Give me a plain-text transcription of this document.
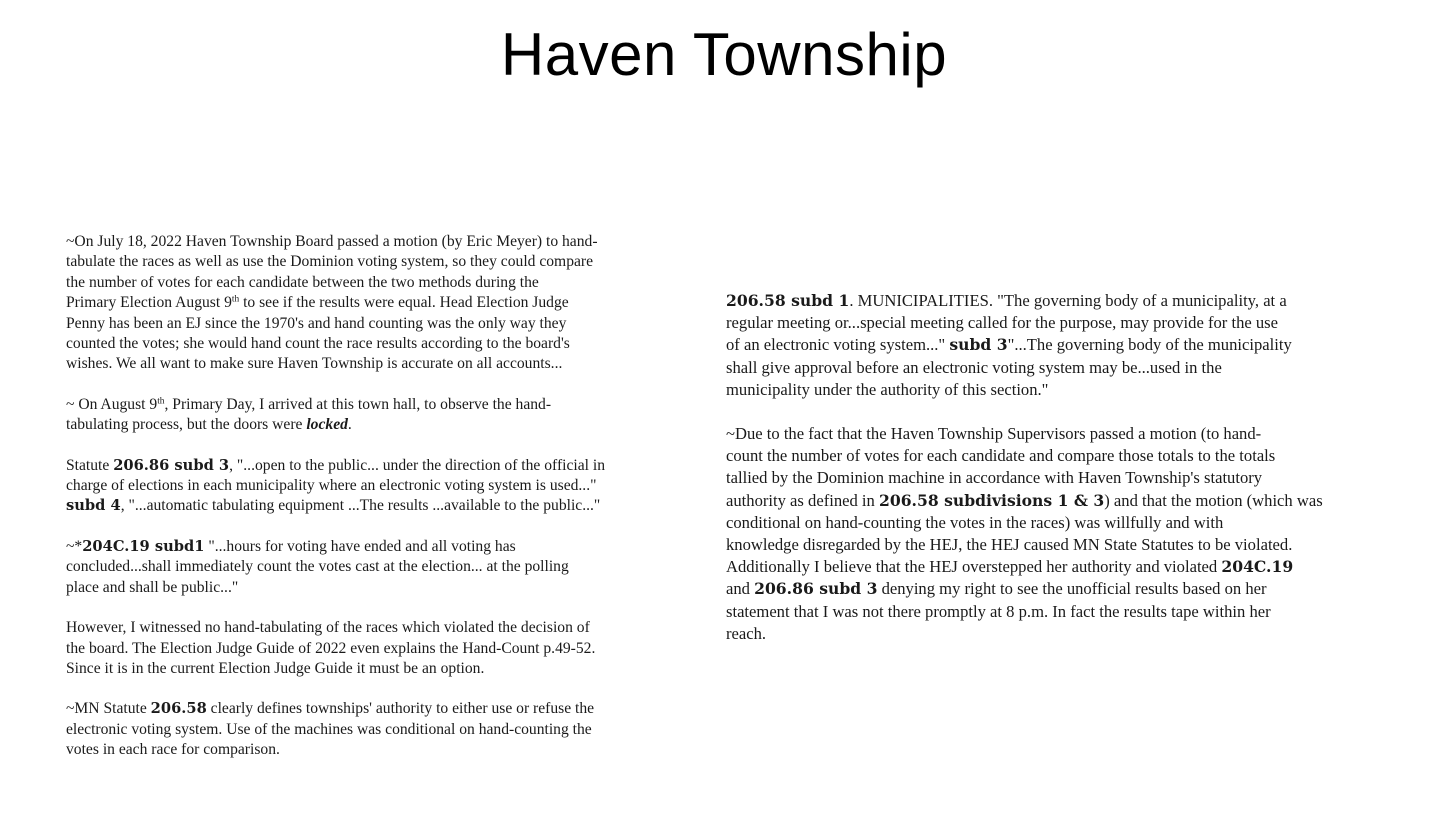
Haven Township
~On July 18, 2022 Haven Township Board passed a motion (by Eric Meyer) to hand-
tabulate the races as well as use the Dominion voting system, so they could compare
the number of votes for each candidate between the two methods during the
Primary Election August 9th to see if the results were equal. Head Election Judge
Penny has been an EJ since the 1970's and hand counting was the only way they
counted the votes; she would hand count the race results according to the board's
wishes. We all want to make sure Haven Township is accurate on all accounts...
~ On August 9th, Primary Day, I arrived at this town hall, to observe the hand-
tabulating process, but the doors were locked.
Statute 206.86 subd 3, "...open to the public... under the direction of the official in
charge of elections in each municipality where an electronic voting system is used..."
subd 4, "...automatic tabulating equipment ...The results ...available to the public..."
~*204C.19 subd1 "...hours for voting have ended and all voting has
concluded...shall immediately count the votes cast at the election... at the polling
place and shall be public..."
However, I witnessed no hand-tabulating of the races which violated the decision of
the board. The Election Judge Guide of 2022 even explains the Hand-Count p.49-52.
Since it is in the current Election Judge Guide it must be an option.
~MN Statute 206.58 clearly defines townships' authority to either use or refuse the
electronic voting system. Use of the machines was conditional on hand-counting the
votes in each race for comparison.
206.58 subd 1. MUNICIPALITIES. "The governing body of a municipality, at a
regular meeting or...special meeting called for the purpose, may provide for the use
of an electronic voting system..." subd 3"...The governing body of the municipality
shall give approval before an electronic voting system may be...used in the
municipality under the authority of this section."
~Due to the fact that the Haven Township Supervisors passed a motion (to hand-
count the number of votes for each candidate and compare those totals to the totals
tallied by the Dominion machine in accordance with Haven Township's statutory
authority as defined in 206.58 subdivisions 1 & 3) and that the motion (which was
conditional on hand-counting the votes in the races) was willfully and with
knowledge disregarded by the HEJ, the HEJ caused MN State Statutes to be violated.
Additionally I believe that the HEJ overstepped her authority and violated 204C.19
and 206.86 subd 3 denying my right to see the unofficial results based on her
statement that I was not there promptly at 8 p.m. In fact the results tape within her
reach.
